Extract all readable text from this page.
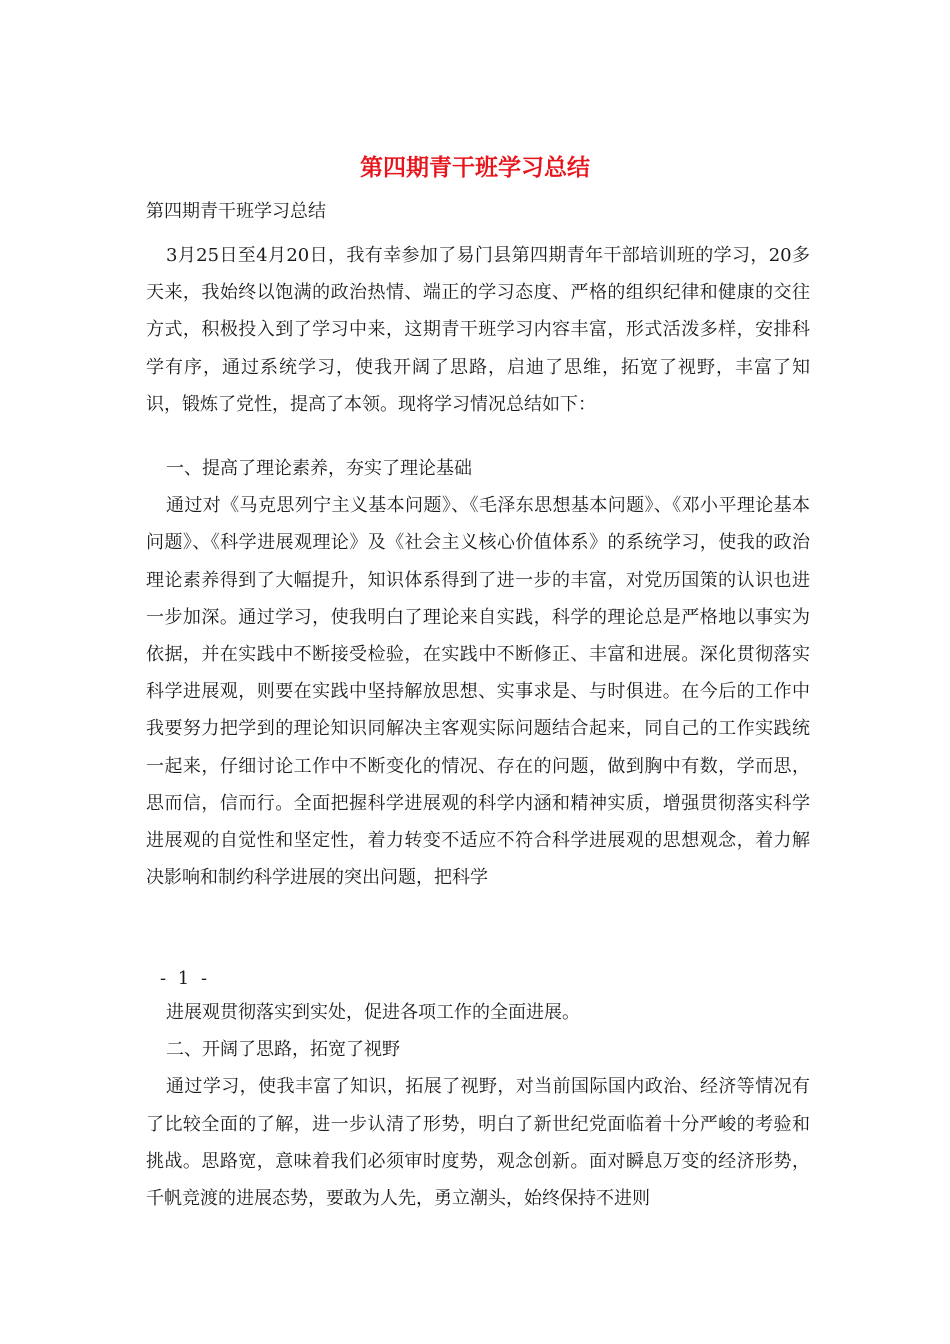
第四期青干班学习总结
第四期青干班学习总结

3月25日至4月20日，我有幸参加了易门县第四期青年干部培训班的学习，20多天来，我始终以饱满的政治热情、端正的学习态度、严格的组织纪律和健康的交往方式，积极投入到了学习中来，这期青干班学习内容丰富，形式活泼多样，安排科学有序，通过系统学习，使我开阔了思路，启迪了思维，拓宽了视野，丰富了知识，锻炼了党性，提高了本领。现将学习情况总结如下：

一、提高了理论素养，夯实了理论基础

通过对《马克思列宁主义基本问题》、《毛泽东思想基本问题》、《邓小平理论基本问题》、《科学进展观理论》及《社会主义核心价值体系》的系统学习，使我的政治理论素养得到了大幅提升，知识体系得到了进一步的丰富，对党历国策的认识也进一步加深。通过学习，使我明白了理论来自实践，科学的理论总是严格地以事实为依据，并在实践中不断接受检验，在实践中不断修正、丰富和进展。深化贯彻落实科学进展观，则要在实践中坚持解放思想、实事求是、与时俱进。在今后的工作中我要努力把学到的理论知识同解决主客观实际问题结合起来，同自己的工作实践统一起来，仔细讨论工作中不断变化的情况、存在的问题，做到胸中有数，学而思，思而信，信而行。全面把握科学进展观的科学内涵和精神实质，增强贯彻落实科学进展观的自觉性和坚定性，着力转变不适应不符合科学进展观的思想观念，着力解决影响和制约科学进展的突出问题，把科学

- 1 -

进展观贯彻落实到实处，促进各项工作的全面进展。

二、开阔了思路，拓宽了视野

通过学习，使我丰富了知识，拓展了视野，对当前国际国内政治、经济等情况有了比较全面的了解，进一步认清了形势，明白了新世纪党面临着十分严峻的考验和挑战。思路宽，意味着我们必须审时度势，观念创新。面对瞬息万变的经济形势，千帆竞渡的进展态势，要敢为人先，勇立潮头，始终保持不进则
